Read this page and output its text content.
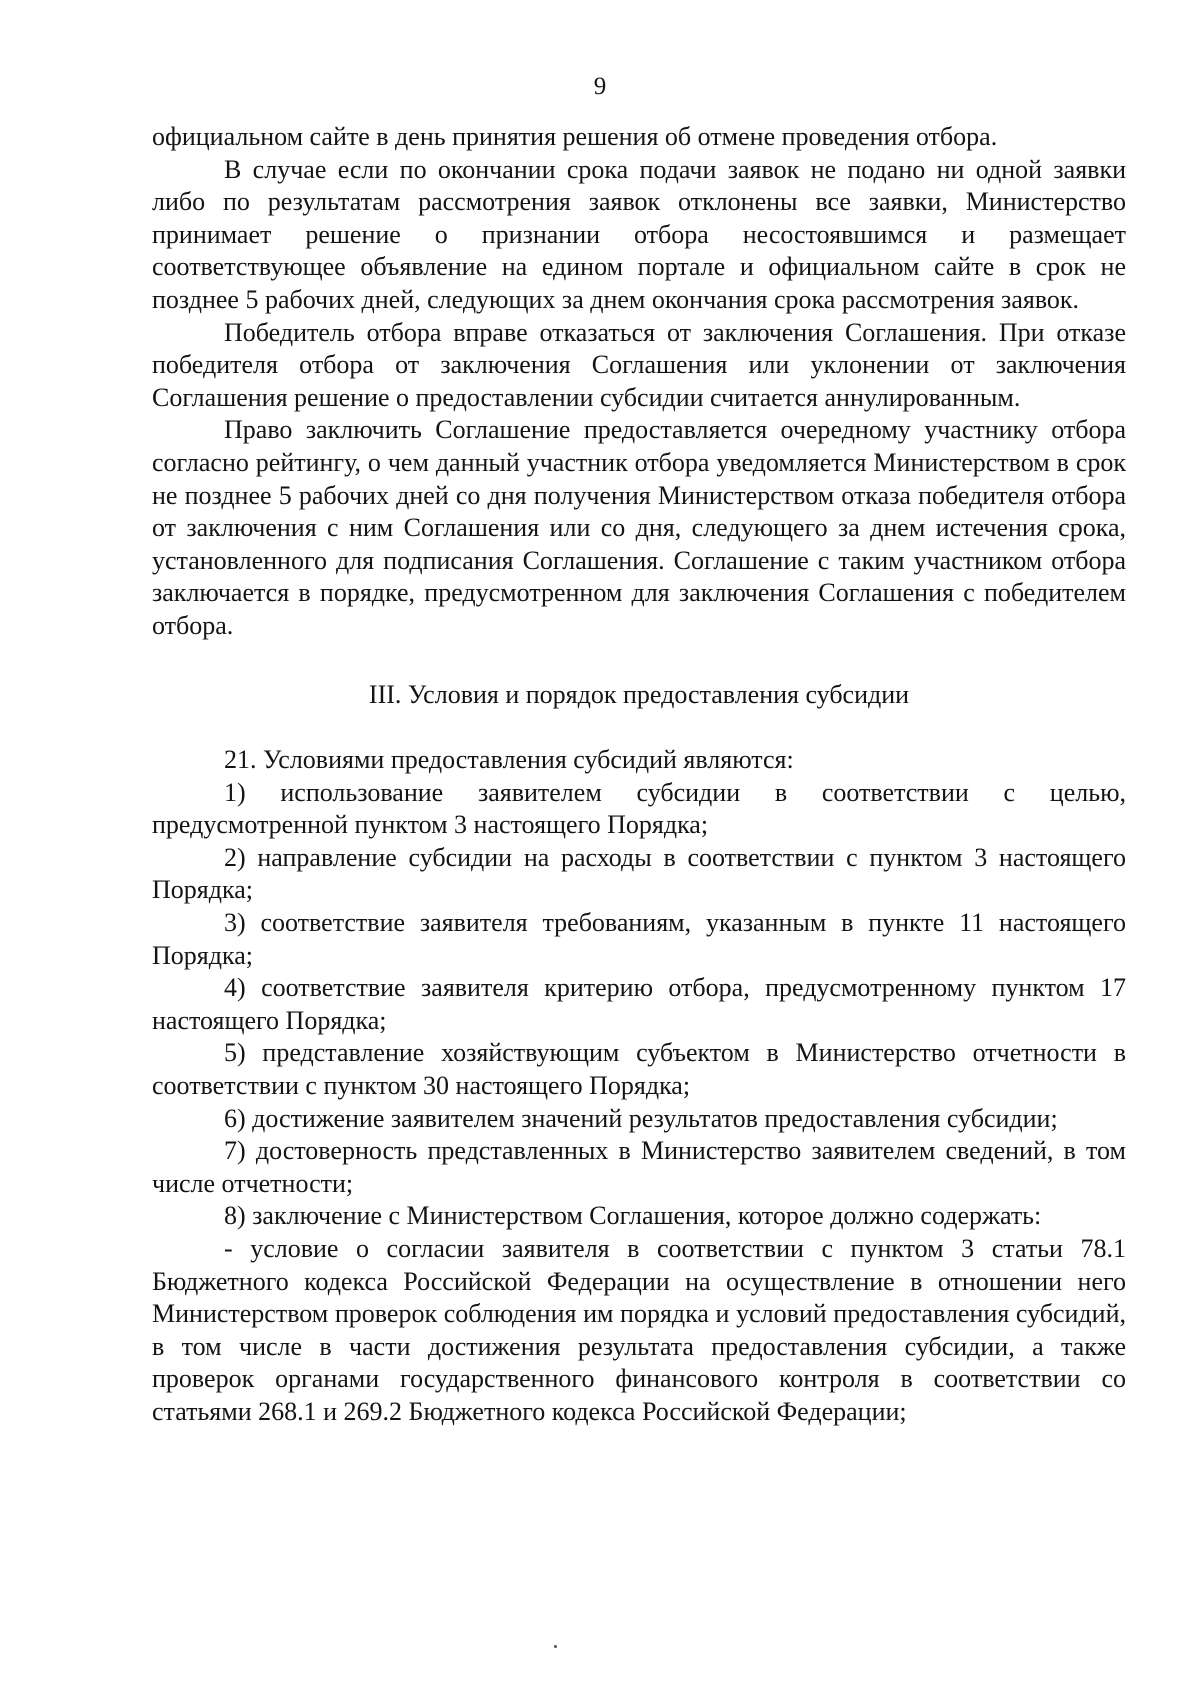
9

официальном сайте в день принятия решения об отмене проведения отбора.

В случае если по окончании срока подачи заявок не подано ни одной заявки либо по результатам рассмотрения заявок отклонены все заявки, Министерство принимает решение о признании отбора несостоявшимся и размещает соответствующее объявление на едином портале и официальном сайте в срок не позднее 5 рабочих дней, следующих за днем окончания срока рассмотрения заявок.

Победитель отбора вправе отказаться от заключения Соглашения. При отказе победителя отбора от заключения Соглашения или уклонении от заключения Соглашения решение о предоставлении субсидии считается аннулированным.

Право заключить Соглашение предоставляется очередному участнику отбора согласно рейтингу, о чем данный участник отбора уведомляется Министерством в срок не позднее 5 рабочих дней со дня получения Министерством отказа победителя отбора от заключения с ним Соглашения или со дня, следующего за днем истечения срока, установленного для подписания Соглашения. Соглашение с таким участником отбора заключается в порядке, предусмотренном для заключения Соглашения с победителем отбора.

III. Условия и порядок предоставления субсидии

21. Условиями предоставления субсидий являются:

1) использование заявителем субсидии в соответствии с целью, предусмотренной пунктом 3 настоящего Порядка;

2) направление субсидии на расходы в соответствии с пунктом 3 настоящего Порядка;

3) соответствие заявителя требованиям, указанным в пункте 11 настоящего Порядка;

4) соответствие заявителя критерию отбора, предусмотренному пунктом 17 настоящего Порядка;

5) представление хозяйствующим субъектом в Министерство отчетности в соответствии с пунктом 30 настоящего Порядка;

6) достижение заявителем значений результатов предоставления субсидии;

7) достоверность представленных в Министерство заявителем сведений, в том числе отчетности;

8) заключение с Министерством Соглашения, которое должно содержать:

- условие о согласии заявителя в соответствии с пунктом 3 статьи 78.1 Бюджетного кодекса Российской Федерации на осуществление в отношении него Министерством проверок соблюдения им порядка и условий предоставления субсидий, в том числе в части достижения результата предоставления субсидии, а также проверок органами государственного финансового контроля в соответствии со статьями 268.1 и 269.2 Бюджетного кодекса Российской Федерации;
